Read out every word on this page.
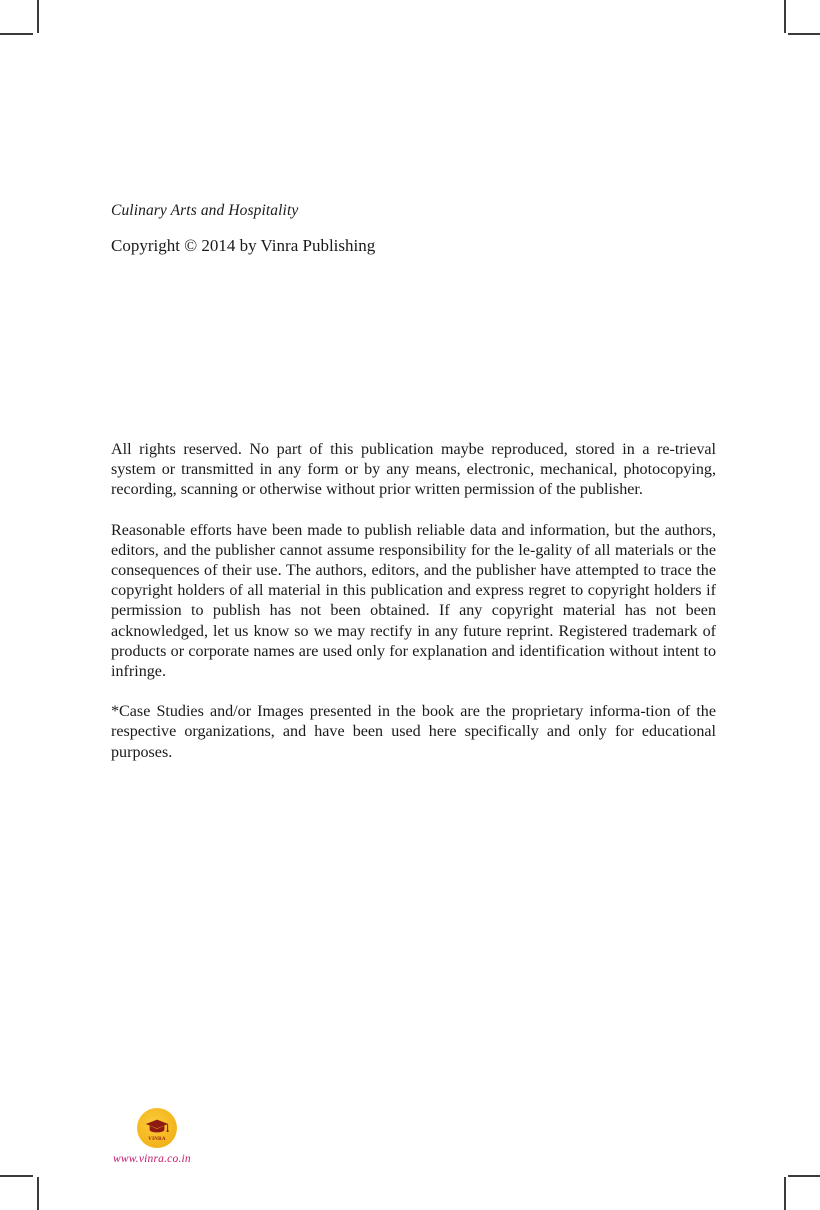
Culinary Arts and Hospitality
Copyright © 2014 by Vinra Publishing

All rights reserved. No part of this publication maybe reproduced, stored in a re-trieval system or transmitted in any form or by any means, electronic, mechanical, photocopying, recording, scanning or otherwise without prior written permission of the publisher.

Reasonable efforts have been made to publish reliable data and information, but the authors, editors, and the publisher cannot assume responsibility for the le-gality of all materials or the consequences of their use. The authors, editors, and the publisher have attempted to trace the copyright holders of all material in this publication and express regret to copyright holders if permission to publish has not been obtained. If any copyright material has not been acknowledged, let us know so we may rectify in any future reprint. Registered trademark of products or corporate names are used only for explanation and identification without intent to infringe.

*Case Studies and/or Images presented in the book are the proprietary informa-tion of the respective organizations, and have been used here specifically and only for educational purposes.

VINRA
www.vinra.co.in
